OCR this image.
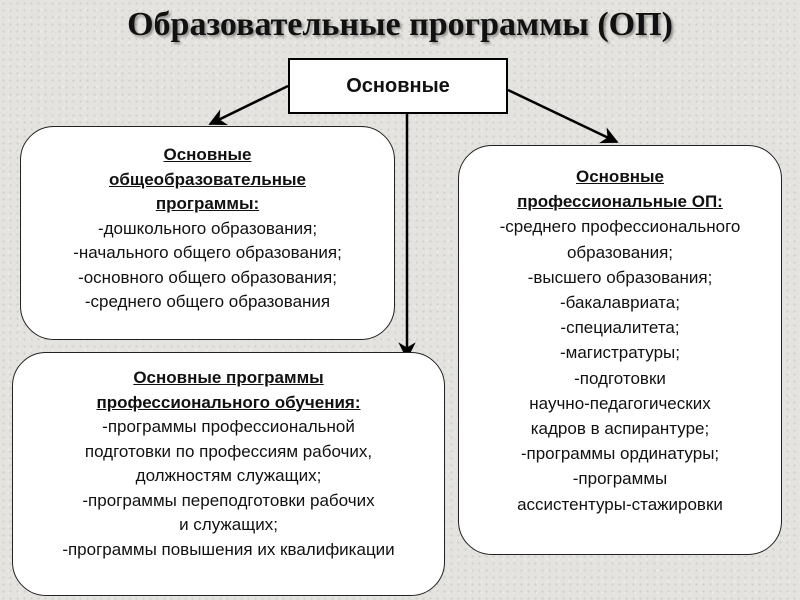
Образовательные программы (ОП)
Основные
Основные
общеобразовательные
программы:
-дошкольного образования;
-начального общего образования;
-основного общего образования;
-среднего общего образования
Основные программы
профессионального обучения:
-программы профессиональной
подготовки по профессиям рабочих,
должностям служащих;
-программы переподготовки рабочих
и служащих;
-программы повышения их квалификации
Основные
профессиональные ОП:
-среднего профессионального
образования;
-высшего образования;
-бакалавриата;
-специалитета;
-магистратуры;
-подготовки
научно-педагогических
кадров в аспирантуре;
-программы ординатуры;
-программы
ассистентуры-стажировки
